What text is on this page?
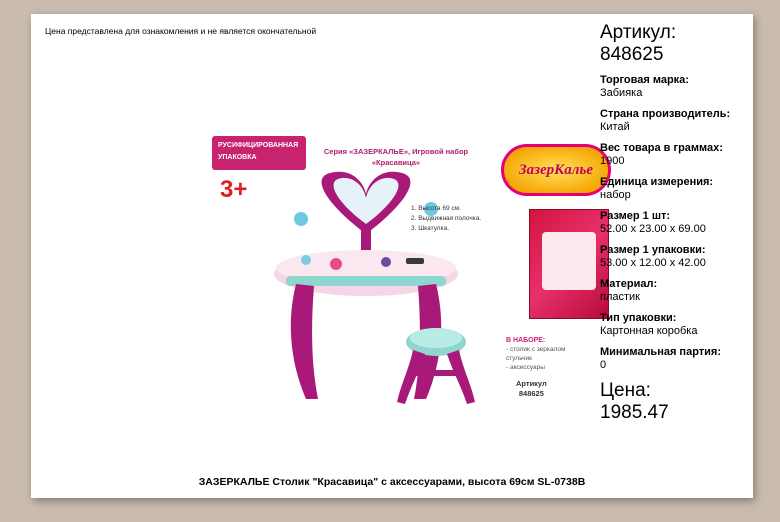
Цена представлена для ознакомления и не является окончательной
РУСИФИЦИРОВАННАЯ УПАКОВКА
3+
Серия «ЗАЗЕРКАЛЬЕ», Игровой набор «Красавица»
1. Высота 69 см.
2. Выдвижная полочка.
3. Шкатулка.
ЗазерКалье
В НАБОРЕ:
- столик с зеркалом
стульчик
- аксессуары
Артикул
848625
Артикул:
848625
Торговая марка:
Забияка
Страна производитель:
Китай
Вес товара в граммах:
1900
Единица измерения:
набор
Размер 1 шт:
52.00 x 23.00 x 69.00
Размер 1 упаковки:
53.00 x 12.00 x 42.00
Материал:
пластик
Тип упаковки:
Картонная коробка
Минимальная партия:
0
Цена:
1985.47
ЗАЗЕРКАЛЬЕ Столик "Красавица" с аксессуарами, высота 69см SL-0738B
